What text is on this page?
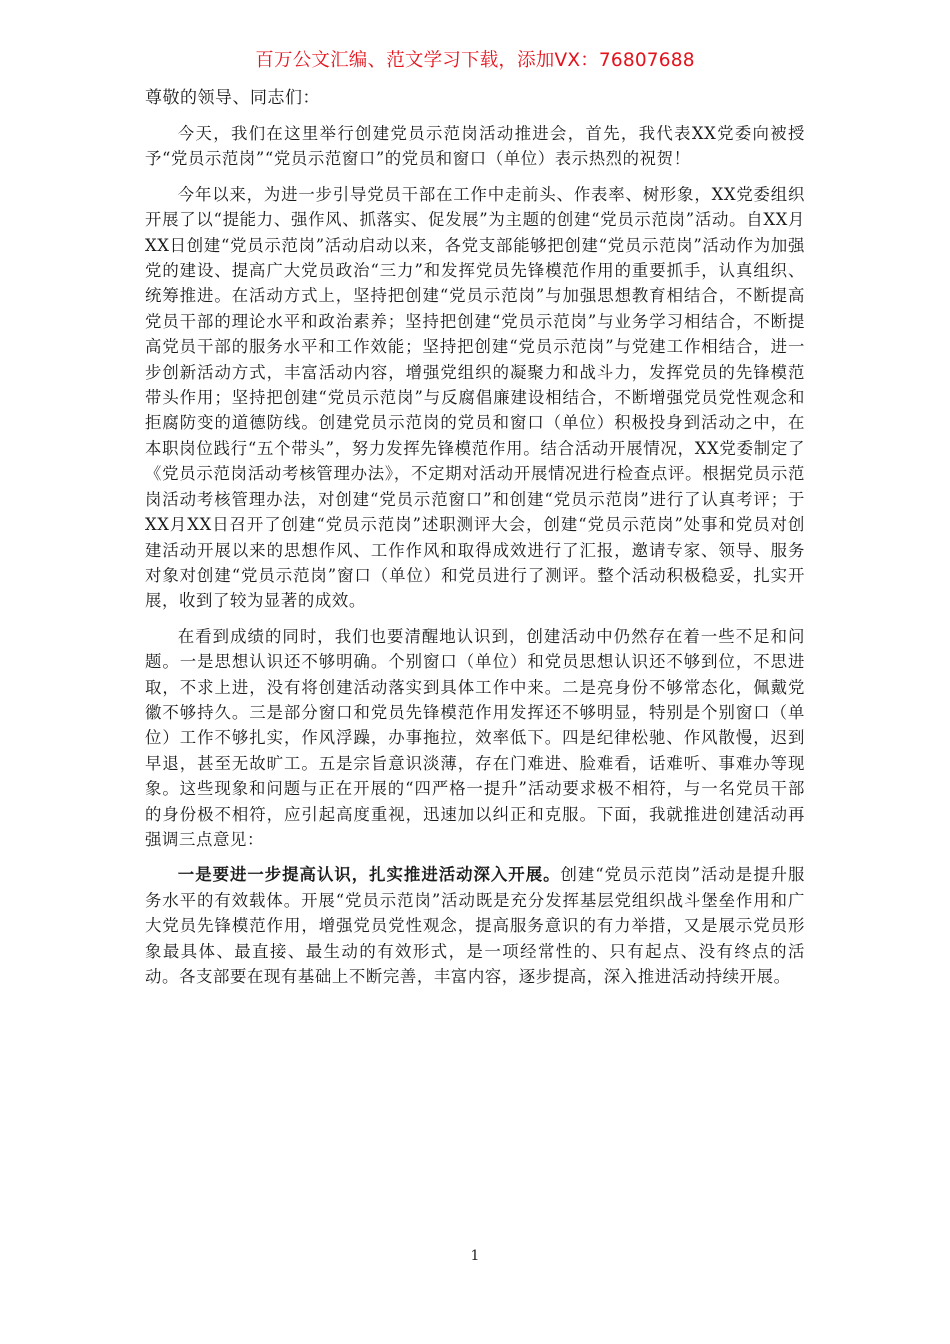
百万公文汇编、范文学习下载，添加VX：76807688

尊敬的领导、同志们：

今天，我们在这里举行创建党员示范岗活动推进会，首先，我代表XX党委向被授予“党员示范岗”“党员示范窗口”的党员和窗口（单位）表示热烈的祝贺！

今年以来，为进一步引导党员干部在工作中走前头、作表率、树形象，XX党委组织开展了以“提能力、强作风、抓落实、促发展”为主题的创建“党员示范岗”活动。自XX月XX日创建“党员示范岗”活动启动以来，各党支部能够把创建“党员示范岗”活动作为加强党的建设、提高广大党员政治“三力”和发挥党员先锋模范作用的重要抓手，认真组织、统筹推进。在活动方式上，坚持把创建“党员示范岗”与加强思想教育相结合，不断提高党员干部的理论水平和政治素养；坚持把创建“党员示范岗”与业务学习相结合，不断提高党员干部的服务水平和工作效能；坚持把创建“党员示范岗”与党建工作相结合，进一步创新活动方式，丰富活动内容，增强党组织的凝聚力和战斗力，发挥党员的先锋模范带头作用；坚持把创建“党员示范岗”与反腐倡廉建设相结合，不断增强党员党性观念和拒腐防变的道德防线。创建党员示范岗的党员和窗口（单位）积极投身到活动之中，在本职岗位践行“五个带头”，努力发挥先锋模范作用。结合活动开展情况，XX党委制定了《党员示范岗活动考核管理办法》，不定期对活动开展情况进行检查点评。根据党员示范岗活动考核管理办法，对创建“党员示范窗口”和创建“党员示范岗”进行了认真考评；于XX月XX日召开了创建“党员示范岗”述职测评大会，创建“党员示范岗”处事和党员对创建活动开展以来的思想作风、工作作风和取得成效进行了汇报，邀请专家、领导、服务对象对创建“党员示范岗”窗口（单位）和党员进行了测评。整个活动积极稳妥，扎实开展，收到了较为显著的成效。

在看到成绩的同时，我们也要清醒地认识到，创建活动中仍然存在着一些不足和问题。一是思想认识还不够明确。个别窗口（单位）和党员思想认识还不够到位，不思进取，不求上进，没有将创建活动落实到具体工作中来。二是亮身份不够常态化，佩戴党徽不够持久。三是部分窗口和党员先锋模范作用发挥还不够明显，特别是个别窗口（单位）工作不够扎实，作风浮躁，办事拖拉，效率低下。四是纪律松驰、作风散慢，迟到早退，甚至无故旷工。五是宗旨意识淡薄，存在门难进、脸难看，话难听、事难办等现象。这些现象和问题与正在开展的“四严格一提升”活动要求极不相符，与一名党员干部的身份极不相符，应引起高度重视，迅速加以纠正和克服。下面，我就推进创建活动再强调三点意见：

一是要进一步提高认识，扎实推进活动深入开展。创建“党员示范岗”活动是提升服务水平的有效载体。开展“党员示范岗”活动既是充分发挥基层党组织战斗堡垒作用和广大党员先锋模范作用，增强党员党性观念，提高服务意识的有力举措，又是展示党员形象最具体、最直接、最生动的有效形式，是一项经常性的、只有起点、没有终点的活动。各支部要在现有基础上不断完善，丰富内容，逐步提高，深入推进活动持续开展。

1
